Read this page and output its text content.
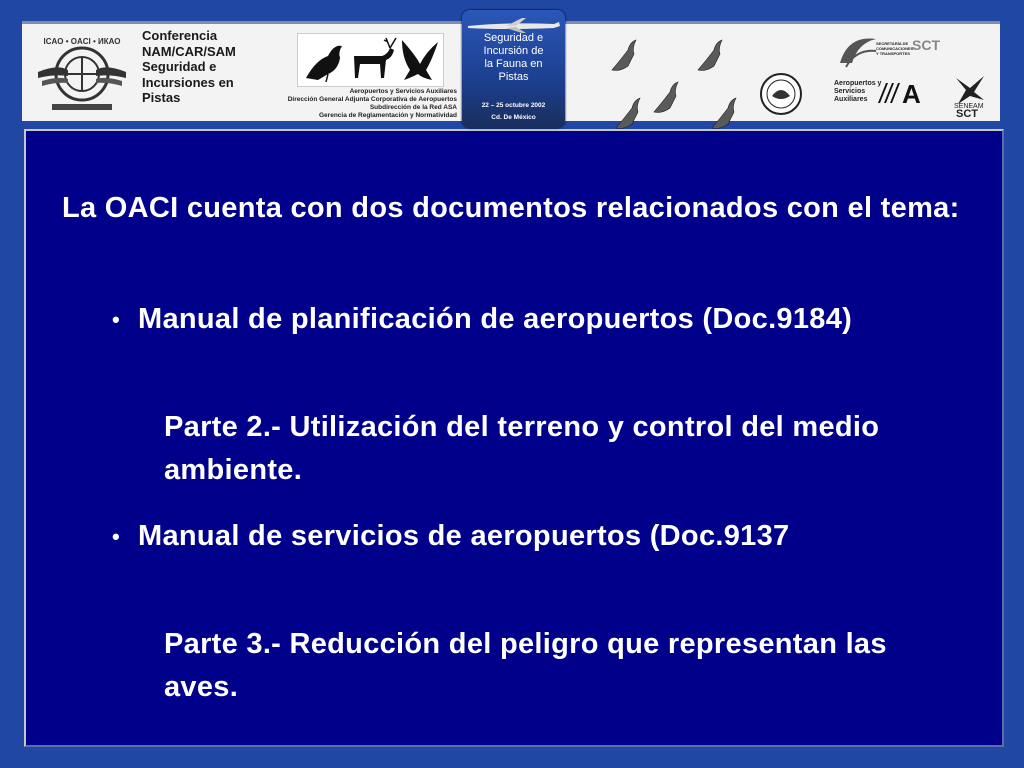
ICAO • OACI • ИКАО Conferencia
NAM/CAR/SAM
Seguridad e
Incursiones en
Pistas	Aeropuertos y Servicios Auxiliares
Dirección General Adjunta Corporativa de Aeropuertos
Subdirección de la Red ASA
Gerencia de Reglamentación y Normatividad
SCT
SECRETARÍA DE COMUNICACIONES Y TRANSPORTES
Aeropuertos y
Servicios
Auxiliares	A	SENEAM
SCT
Seguridad e
Incursión de
la Fauna en
Pistas
22 – 25 octubre 2002
Cd. De México
La OACI cuenta con dos documentos relacionados con el tema:
• Manual de planificación de aeropuertos (Doc.9184)
Parte 2.- Utilización del terreno y control del medio ambiente.
• Manual de servicios de aeropuertos (Doc.9137
Parte 3.- Reducción del peligro que representan las aves.
